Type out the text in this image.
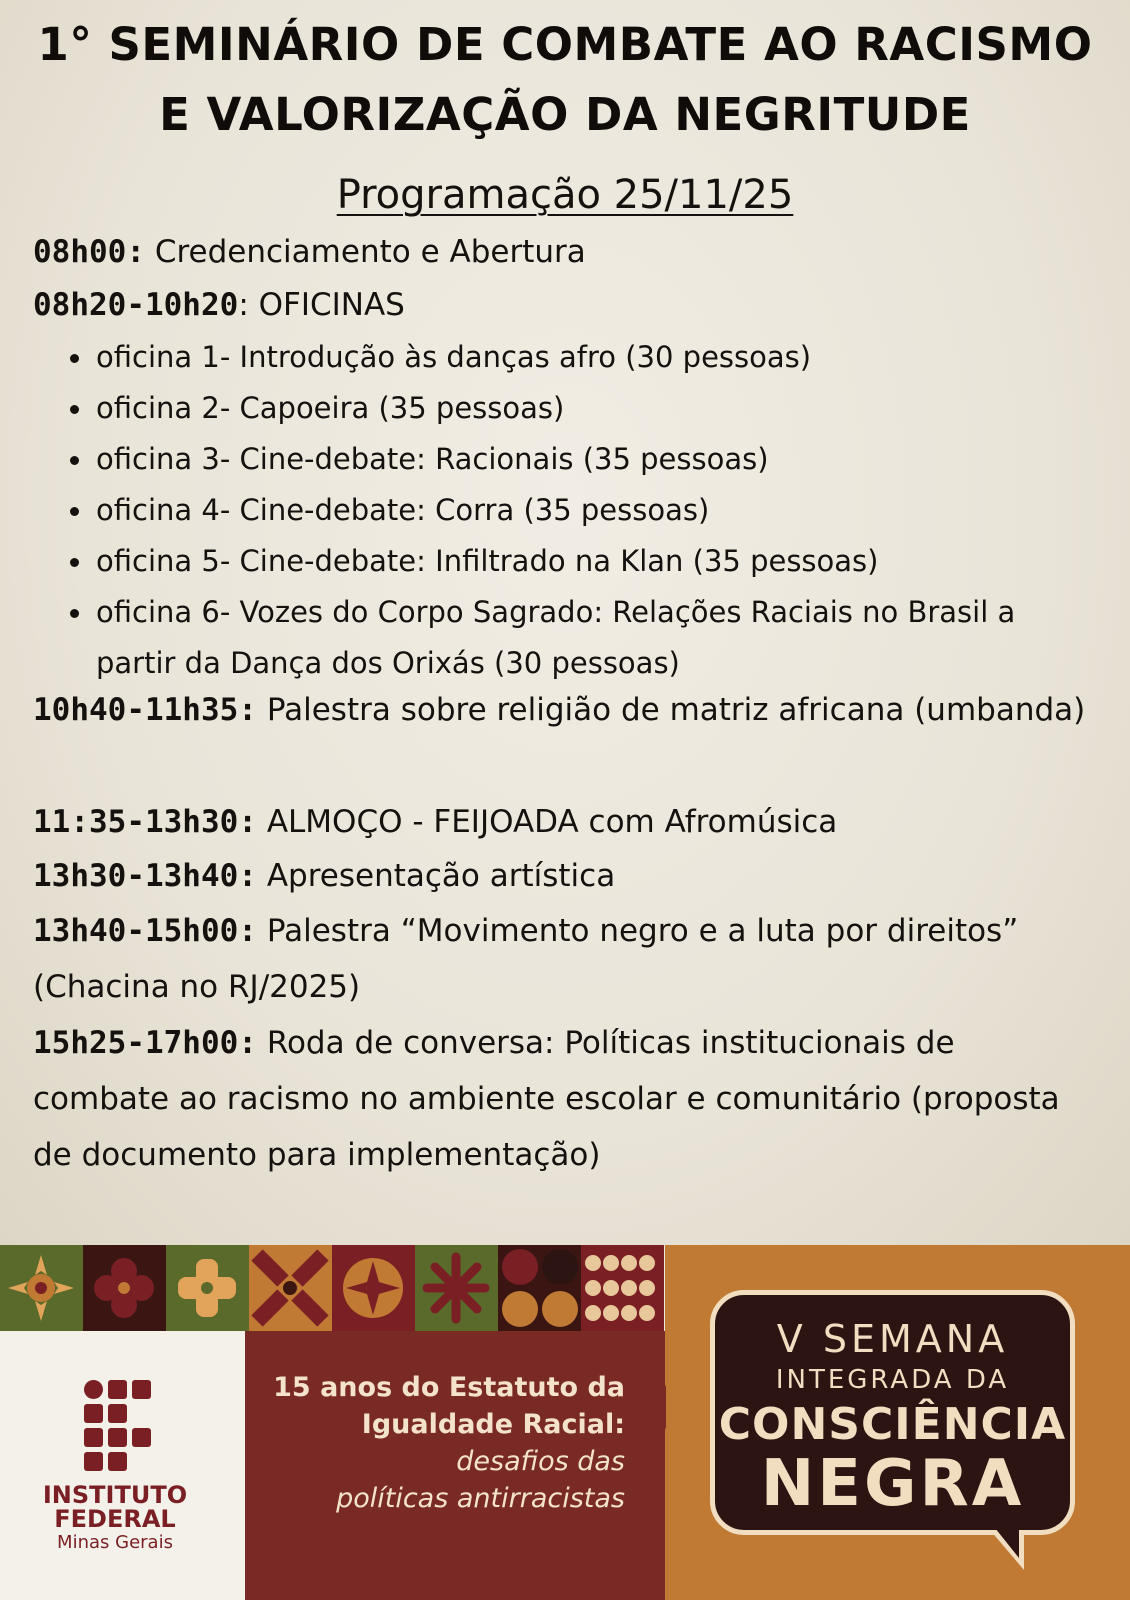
1° SEMINÁRIO DE COMBATE AO RACISMO
E VALORIZAÇÃO DA NEGRITUDE
Programação 25/11/25
08h00: Credenciamento e Abertura
08h20-10h20: OFICINAS
oficina 1- Introdução às danças afro (30 pessoas)
oficina 2- Capoeira (35 pessoas)
oficina 3- Cine-debate: Racionais (35 pessoas)
oficina 4- Cine-debate: Corra (35 pessoas)
oficina 5- Cine-debate: Infiltrado na Klan (35 pessoas)
oficina 6- Vozes do Corpo Sagrado: Relações Raciais no Brasil a partir da Dança dos Orixás (30 pessoas)
10h40-11h35: Palestra sobre religião de matriz africana (umbanda)
11:35-13h30: ALMOÇO - FEIJOADA com Afromúsica
13h30-13h40: Apresentação artística
13h40-15h00: Palestra “Movimento negro e a luta por direitos” (Chacina no RJ/2025)
15h25-17h00: Roda de conversa: Políticas institucionais de combate ao racismo no ambiente escolar e comunitário (proposta de documento para implementação)
15 anos do Estatuto da
Igualdade Racial:
desafios das
políticas antirracistas
V SEMANA
INTEGRADA DA
CONSCIÊNCIA
NEGRA
INSTITUTO
FEDERAL
Minas Gerais
